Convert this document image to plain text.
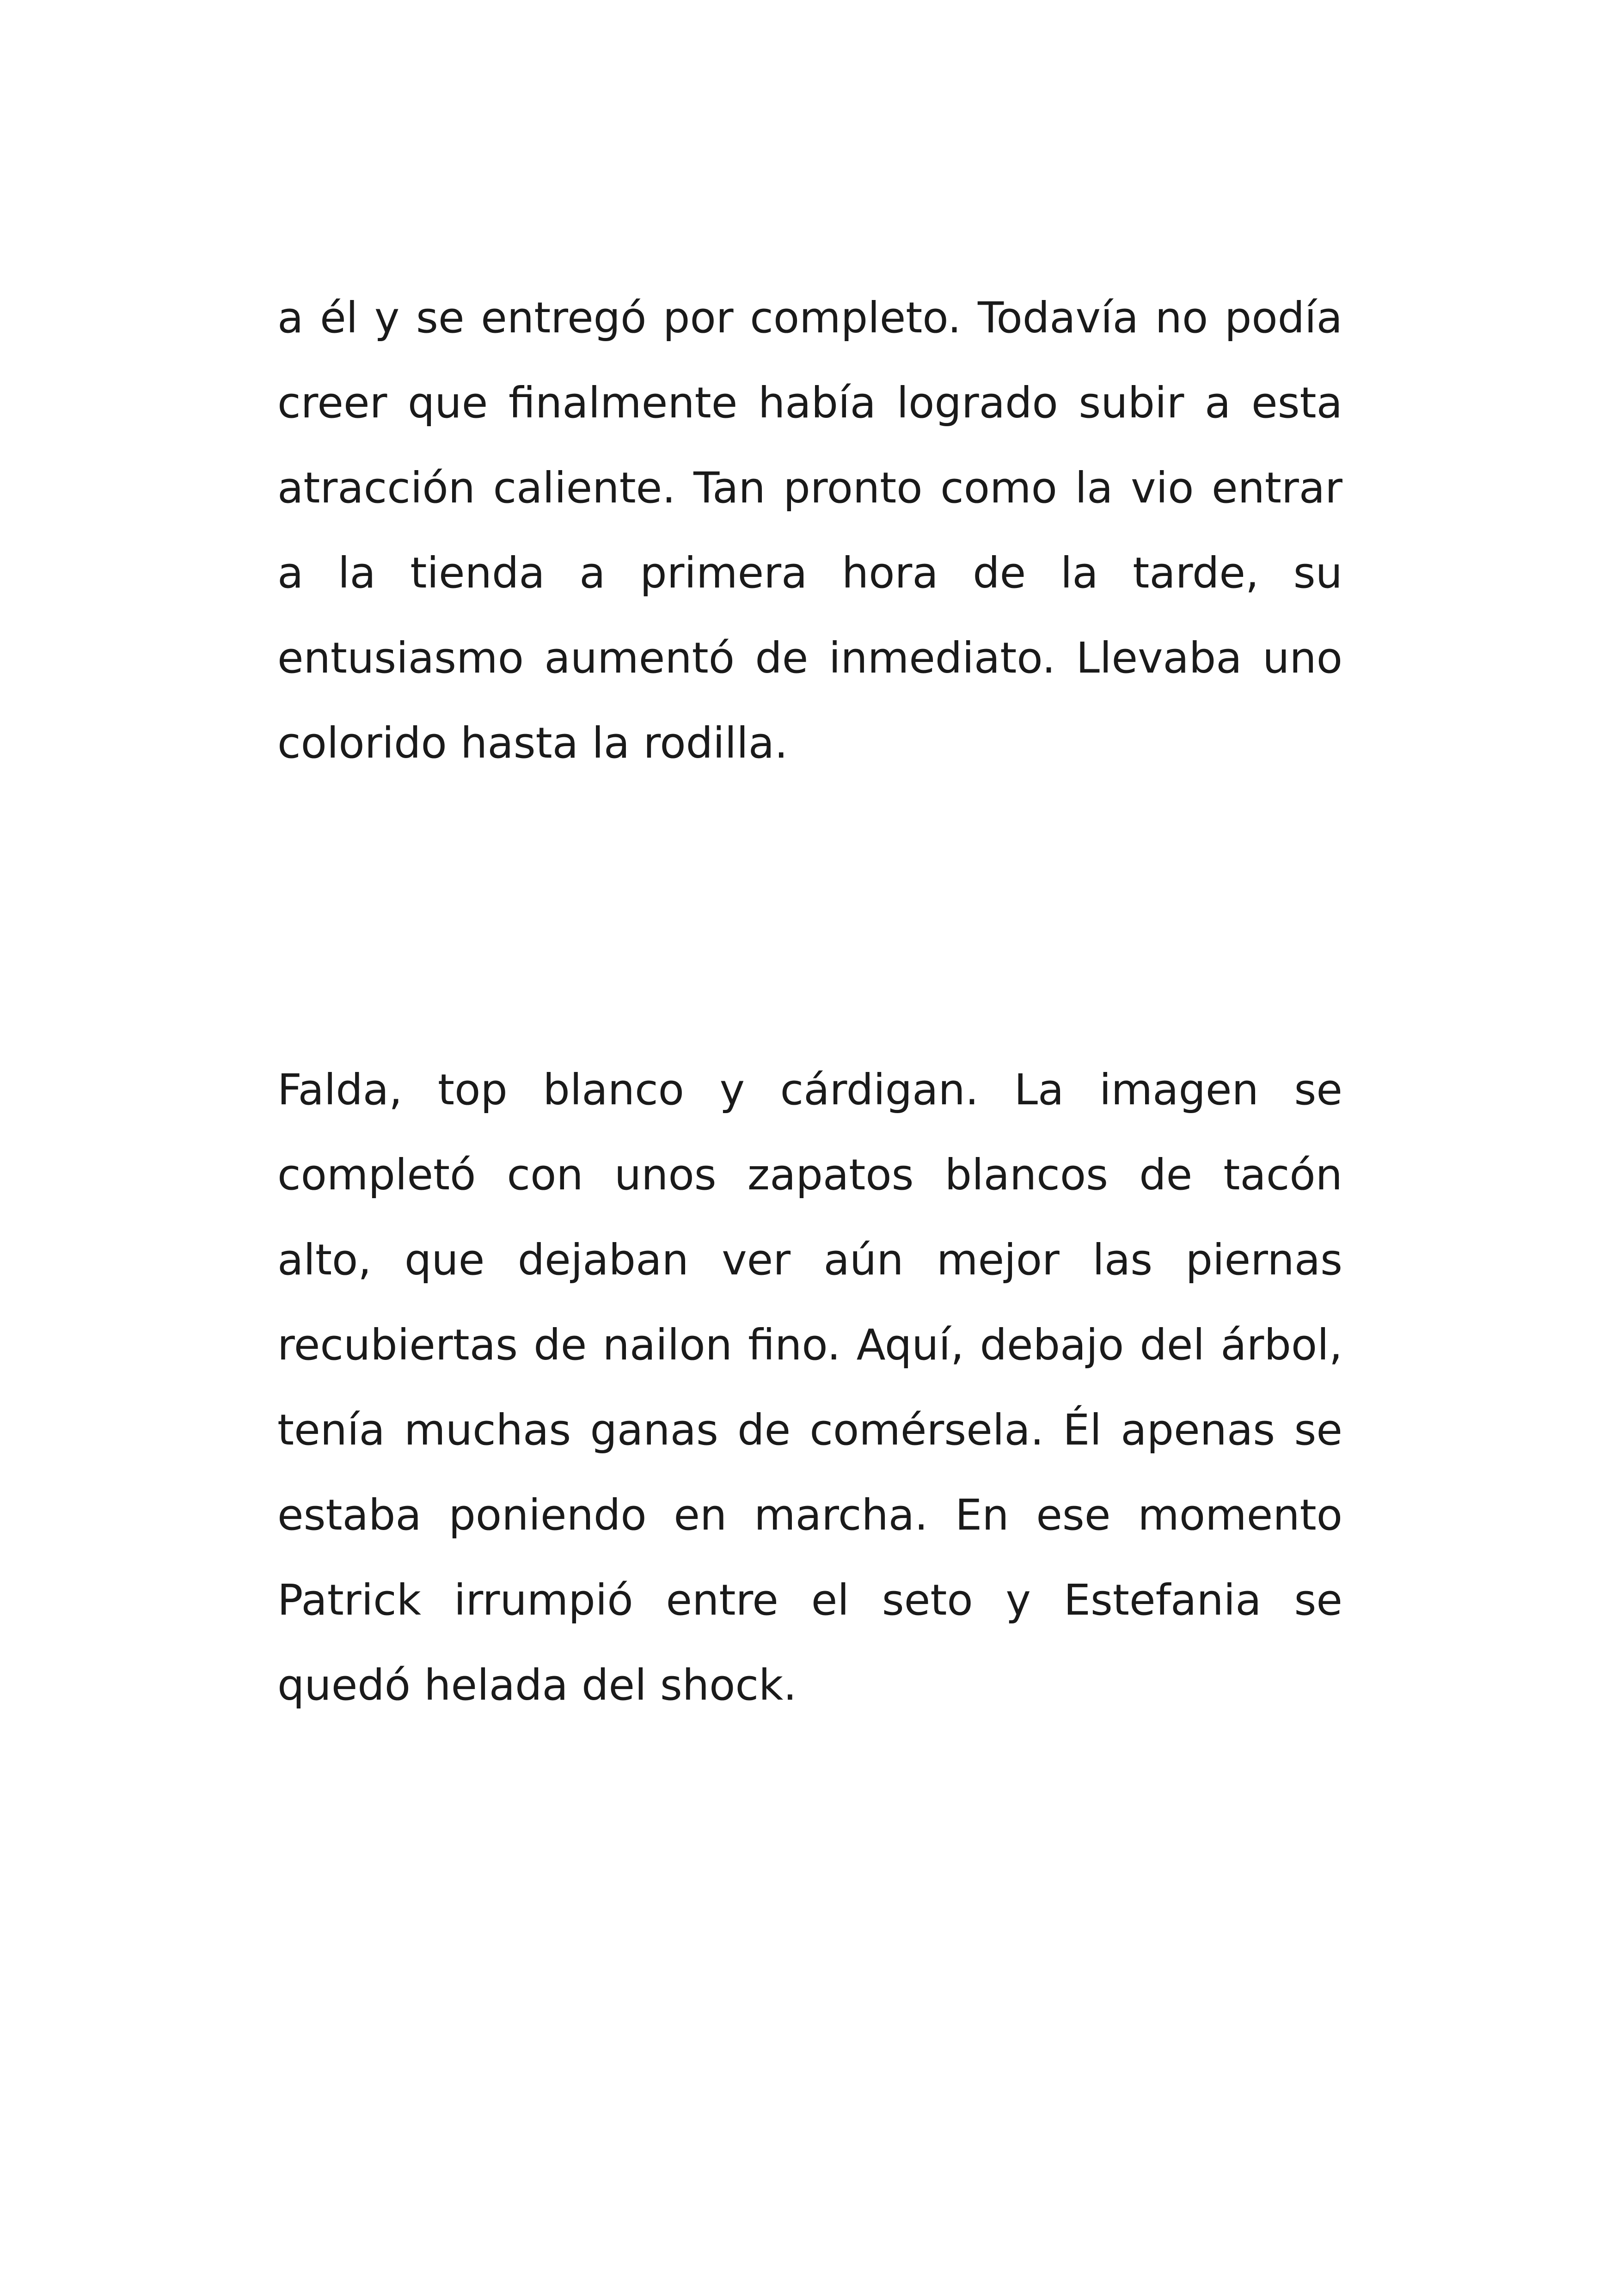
a él y se entregó por completo. Todavía no podía creer que finalmente había logrado subir a esta atracción caliente. Tan pronto como la vio entrar a la tienda a primera hora de la tarde, su entusiasmo aumentó de inmediato. Llevaba uno colorido hasta la rodilla.

Falda, top blanco y cárdigan. La imagen se completó con unos zapatos blancos de tacón alto, que dejaban ver aún mejor las piernas recubiertas de nailon fino. Aquí, debajo del árbol, tenía muchas ganas de comérsela. Él apenas se estaba poniendo en marcha. En ese momento Patrick irrumpió entre el seto y Estefania se quedó helada del shock.
